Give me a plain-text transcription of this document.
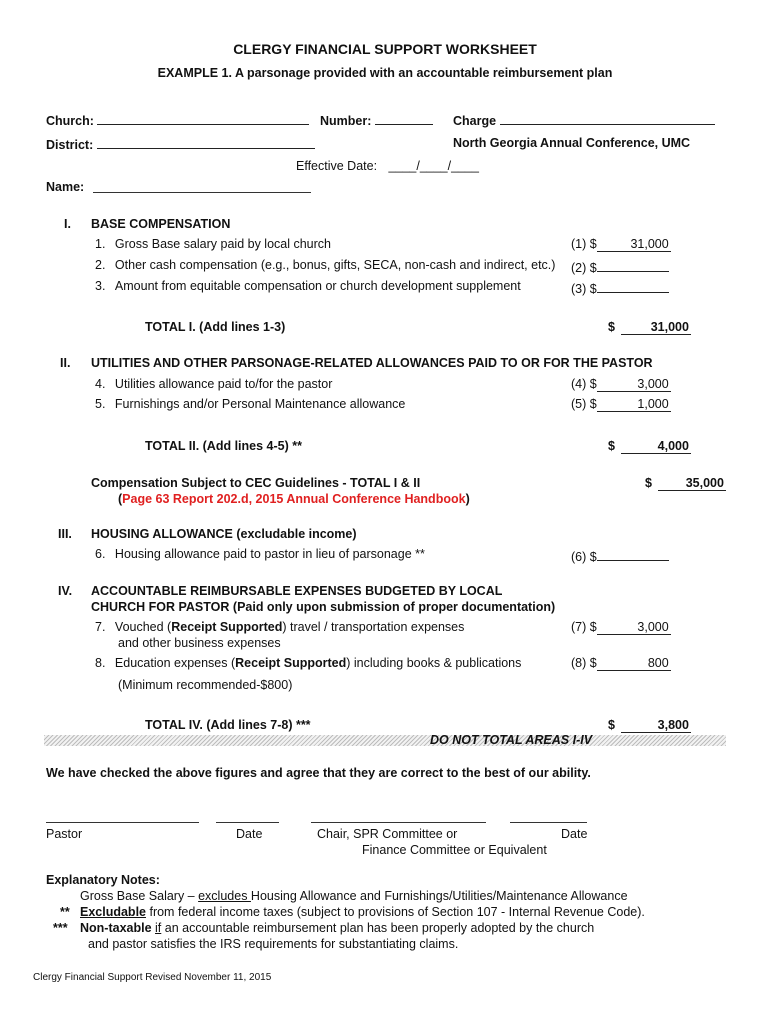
CLERGY FINANCIAL SUPPORT WORKSHEET
EXAMPLE 1. A parsonage provided with an accountable reimbursement plan
Church:	Number:	Charge
District:	North Georgia Annual Conference, UMC
Effective Date: ____/____/____
Name:
I. BASE COMPENSATION
1. Gross Base salary paid by local church	(1) $	31,000
2. Other cash compensation (e.g., bonus, gifts, SECA, non-cash and indirect, etc.) (2) $
3. Amount from equitable compensation or church development supplement	(3) $
TOTAL I. (Add lines 1-3)	$	31,000
II. UTILITIES AND OTHER PARSONAGE-RELATED ALLOWANCES PAID TO OR FOR THE PASTOR
4. Utilities allowance paid to/for the pastor	(4) $	3,000
5. Furnishings and/or Personal Maintenance allowance	(5) $	1,000
TOTAL II. (Add lines 4-5) **	$	4,000
Compensation Subject to CEC Guidelines - TOTAL I & II
(Page 63 Report 202.d, 2015 Annual Conference Handbook)
$	35,000
III. HOUSING ALLOWANCE (excludable income)
6. Housing allowance paid to pastor in lieu of parsonage **	(6) $
IV. ACCOUNTABLE REIMBURSABLE EXPENSES BUDGETED BY LOCAL
CHURCH FOR PASTOR (Paid only upon submission of proper documentation)
7. Vouched (Receipt Supported) travel / transportation expenses
and other business expenses
(7) $	3,000
8. Education expenses (Receipt Supported) including books & publications
(Minimum recommended-$800)
(8) $	800
TOTAL IV. (Add lines 7-8) ***	$	3,800
DO NOT TOTAL AREAS I-IV
We have checked the above figures and agree that they are correct to the best of our ability.
Pastor	Date	Chair, SPR Committee or	Date
Finance Committee or Equivalent
Explanatory Notes:
Gross Base Salary – excludes Housing Allowance and Furnishings/Utilities/Maintenance Allowance
** Excludable from federal income taxes (subject to provisions of Section 107 - Internal Revenue Code).
*** Non-taxable if an accountable reimbursement plan has been properly adopted by the church
and pastor satisfies the IRS requirements for substantiating claims.
Clergy Financial Support Revised November 11, 2015
